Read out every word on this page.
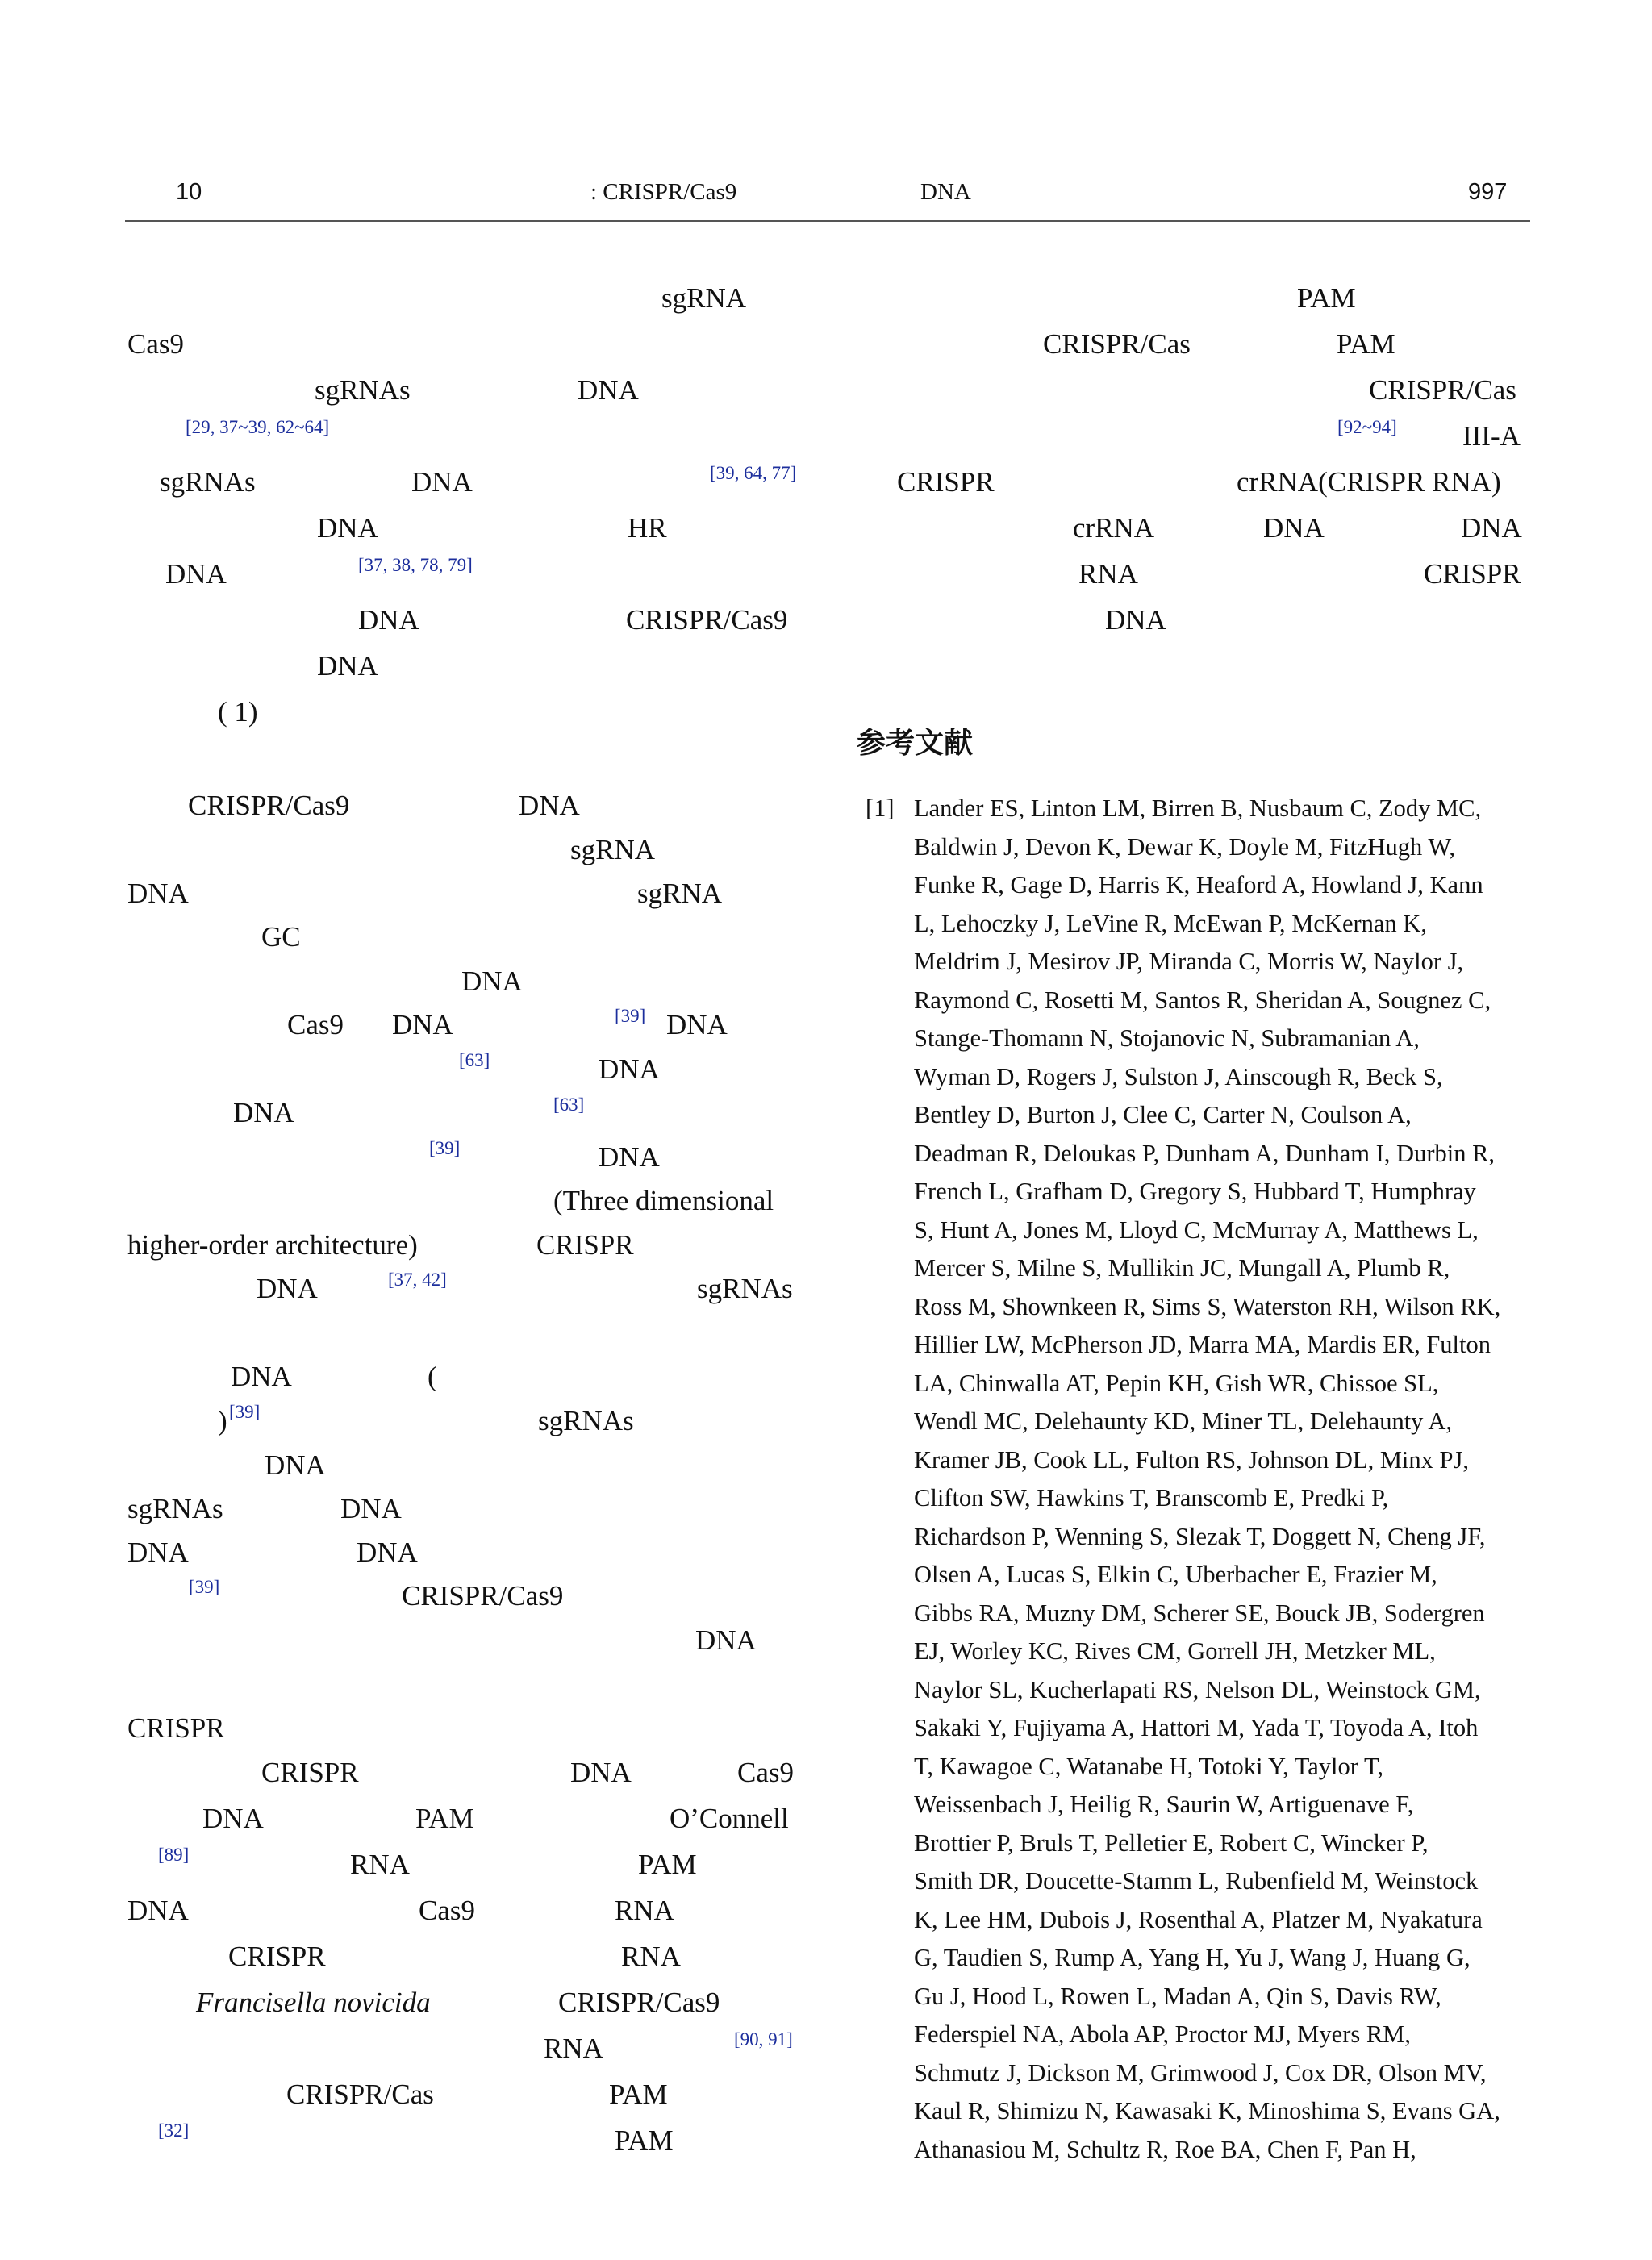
10	: CRISPR/Cas9	DNA	997
sgRNA
Cas9
sgRNAs	DNA
[29, 37~39, 62~64]
sgRNAs	DNA	[39, 64, 77]
DNA	HR
DNA	[37, 38, 78, 79]
DNA	CRISPR/Cas9
DNA
( 1)
CRISPR/Cas9	DNA
sgRNA
DNA	sgRNA
GC
DNA
Cas9 DNA	[39] DNA
[63]	DNA
DNA	[63]
[39]	DNA
(Three dimensional
higher-order architecture)	CRISPR
DNA	[37, 42]	sgRNAs
DNA	(
) [39]	sgRNAs
DNA
sgRNAs	DNA
DNA	DNA
[39]	CRISPR/Cas9
DNA
CRISPR
CRISPR	DNA	Cas9
DNA	PAM	O’Connell
[89]	RNA	PAM
DNA	Cas9	RNA
CRISPR	RNA
Francisella novicida	CRISPR/Cas9
RNA	[90, 91]
CRISPR/Cas	PAM
[32]	PAM
PAM
CRISPR/Cas	PAM
CRISPR/Cas
[92~94] III-A
CRISPR	crRNA(CRISPR RNA)
crRNA	DNA	DNA
RNA	CRISPR
DNA
参考文献
[1] Lander ES, Linton LM, Birren B, Nusbaum C, Zody MC,
Baldwin J, Devon K, Dewar K, Doyle M, FitzHugh W,
Funke R, Gage D, Harris K, Heaford A, Howland J, Kann
L, Lehoczky J, LeVine R, McEwan P, McKernan K,
Meldrim J, Mesirov JP, Miranda C, Morris W, Naylor J,
Raymond C, Rosetti M, Santos R, Sheridan A, Sougnez C,
Stange-Thomann N, Stojanovic N, Subramanian A,
Wyman D, Rogers J, Sulston J, Ainscough R, Beck S,
Bentley D, Burton J, Clee C, Carter N, Coulson A,
Deadman R, Deloukas P, Dunham A, Dunham I, Durbin R,
French L, Grafham D, Gregory S, Hubbard T, Humphray
S, Hunt A, Jones M, Lloyd C, McMurray A, Matthews L,
Mercer S, Milne S, Mullikin JC, Mungall A, Plumb R,
Ross M, Shownkeen R, Sims S, Waterston RH, Wilson RK,
Hillier LW, McPherson JD, Marra MA, Mardis ER, Fulton
LA, Chinwalla AT, Pepin KH, Gish WR, Chissoe SL,
Wendl MC, Delehaunty KD, Miner TL, Delehaunty A,
Kramer JB, Cook LL, Fulton RS, Johnson DL, Minx PJ,
Clifton SW, Hawkins T, Branscomb E, Predki P,
Richardson P, Wenning S, Slezak T, Doggett N, Cheng JF,
Olsen A, Lucas S, Elkin C, Uberbacher E, Frazier M,
Gibbs RA, Muzny DM, Scherer SE, Bouck JB, Sodergren
EJ, Worley KC, Rives CM, Gorrell JH, Metzker ML,
Naylor SL, Kucherlapati RS, Nelson DL, Weinstock GM,
Sakaki Y, Fujiyama A, Hattori M, Yada T, Toyoda A, Itoh
T, Kawagoe C, Watanabe H, Totoki Y, Taylor T,
Weissenbach J, Heilig R, Saurin W, Artiguenave F,
Brottier P, Bruls T, Pelletier E, Robert C, Wincker P,
Smith DR, Doucette-Stamm L, Rubenfield M, Weinstock
K, Lee HM, Dubois J, Rosenthal A, Platzer M, Nyakatura
G, Taudien S, Rump A, Yang H, Yu J, Wang J, Huang G,
Gu J, Hood L, Rowen L, Madan A, Qin S, Davis RW,
Federspiel NA, Abola AP, Proctor MJ, Myers RM,
Schmutz J, Dickson M, Grimwood J, Cox DR, Olson MV,
Kaul R, Shimizu N, Kawasaki K, Minoshima S, Evans GA,
Athanasiou M, Schultz R, Roe BA, Chen F, Pan H,
